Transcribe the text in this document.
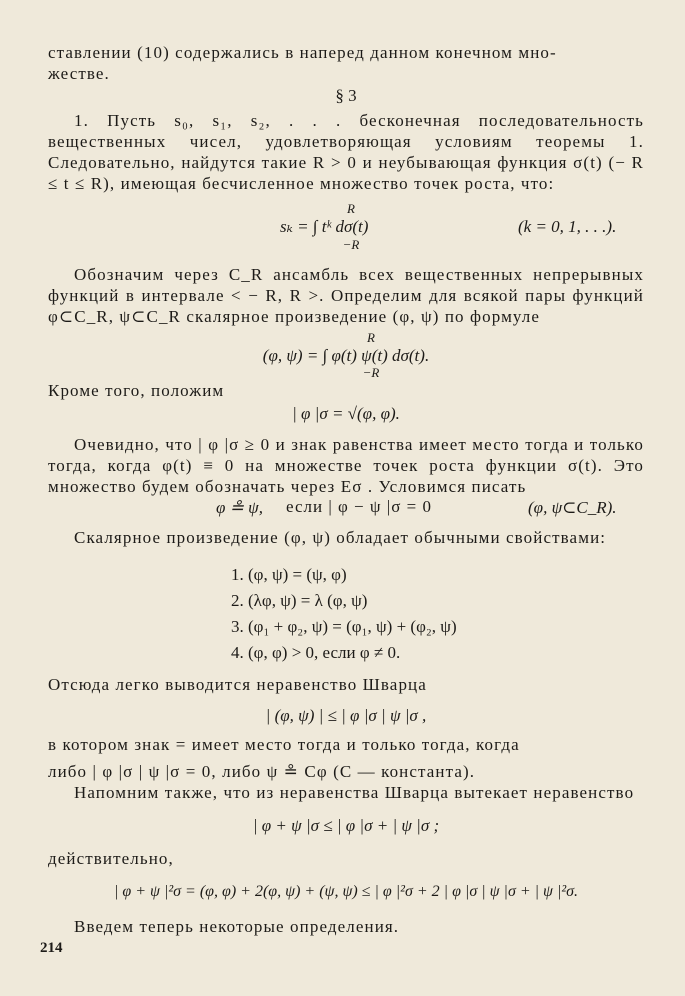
ставлении (10) содержались в наперед данном конечном мно-

жестве.

§ 3

1. Пусть s₀, s₁, s₂, . . . бесконечная последовательность вещественных чисел, удовлетворяющая условиям теоремы 1. Следовательно, найдутся такие R > 0 и неубывающая функция σ(t) (− R ≤ t ≤ R), имеющая бесчисленное множество точек роста, что:

R
sₖ = ∫ tᵏ dσ(t)	(k = 0, 1, . . .).
−R

Обозначим через C_R ансамбль всех вещественных непрерывных функций в интервале < − R, R >. Определим для всякой пары функций φ⊂C_R, ψ⊂C_R скалярное произведение (φ, ψ) по формуле

R
(φ, ψ) = ∫ φ(t) ψ(t) dσ(t).
−R

Кроме того, положим

| φ |σ = √(φ, φ).

Очевидно, что | φ |σ ≥ 0 и знак равенства имеет место тогда и только тогда, когда φ(t) ≡ 0 на множестве точек роста функции σ(t). Это множество будем обозначать через Eσ . Условимся писать

φ ≗ ψ, если | φ − ψ |σ = 0	(φ, ψ⊂C_R).

Скалярное произведение (φ, ψ) обладает обычными свойствами:

1. (φ, ψ) = (ψ, φ)
2. (λφ, ψ) = λ (φ, ψ)
3. (φ₁ + φ₂, ψ) = (φ₁, ψ) + (φ₂, ψ)
4. (φ, φ) > 0, если φ ≠ 0.

Отсюда легко выводится неравенство Шварца

| (φ, ψ) | ≤ | φ |σ | ψ |σ ,

в котором знак = имеет место тогда и только тогда, когда

либо | φ |σ | ψ |σ = 0, либо ψ ≗ Cφ (C — константа).

Напомним также, что из неравенства Шварца вытекает неравенство

| φ + ψ |σ ≤ | φ |σ + | ψ |σ ;

действительно,

| φ + ψ |²σ = (φ, φ) + 2(φ, ψ) + (ψ, ψ) ≤ | φ |²σ + 2 | φ |σ | ψ |σ + | ψ |²σ.

Введем теперь некоторые определения.

214
